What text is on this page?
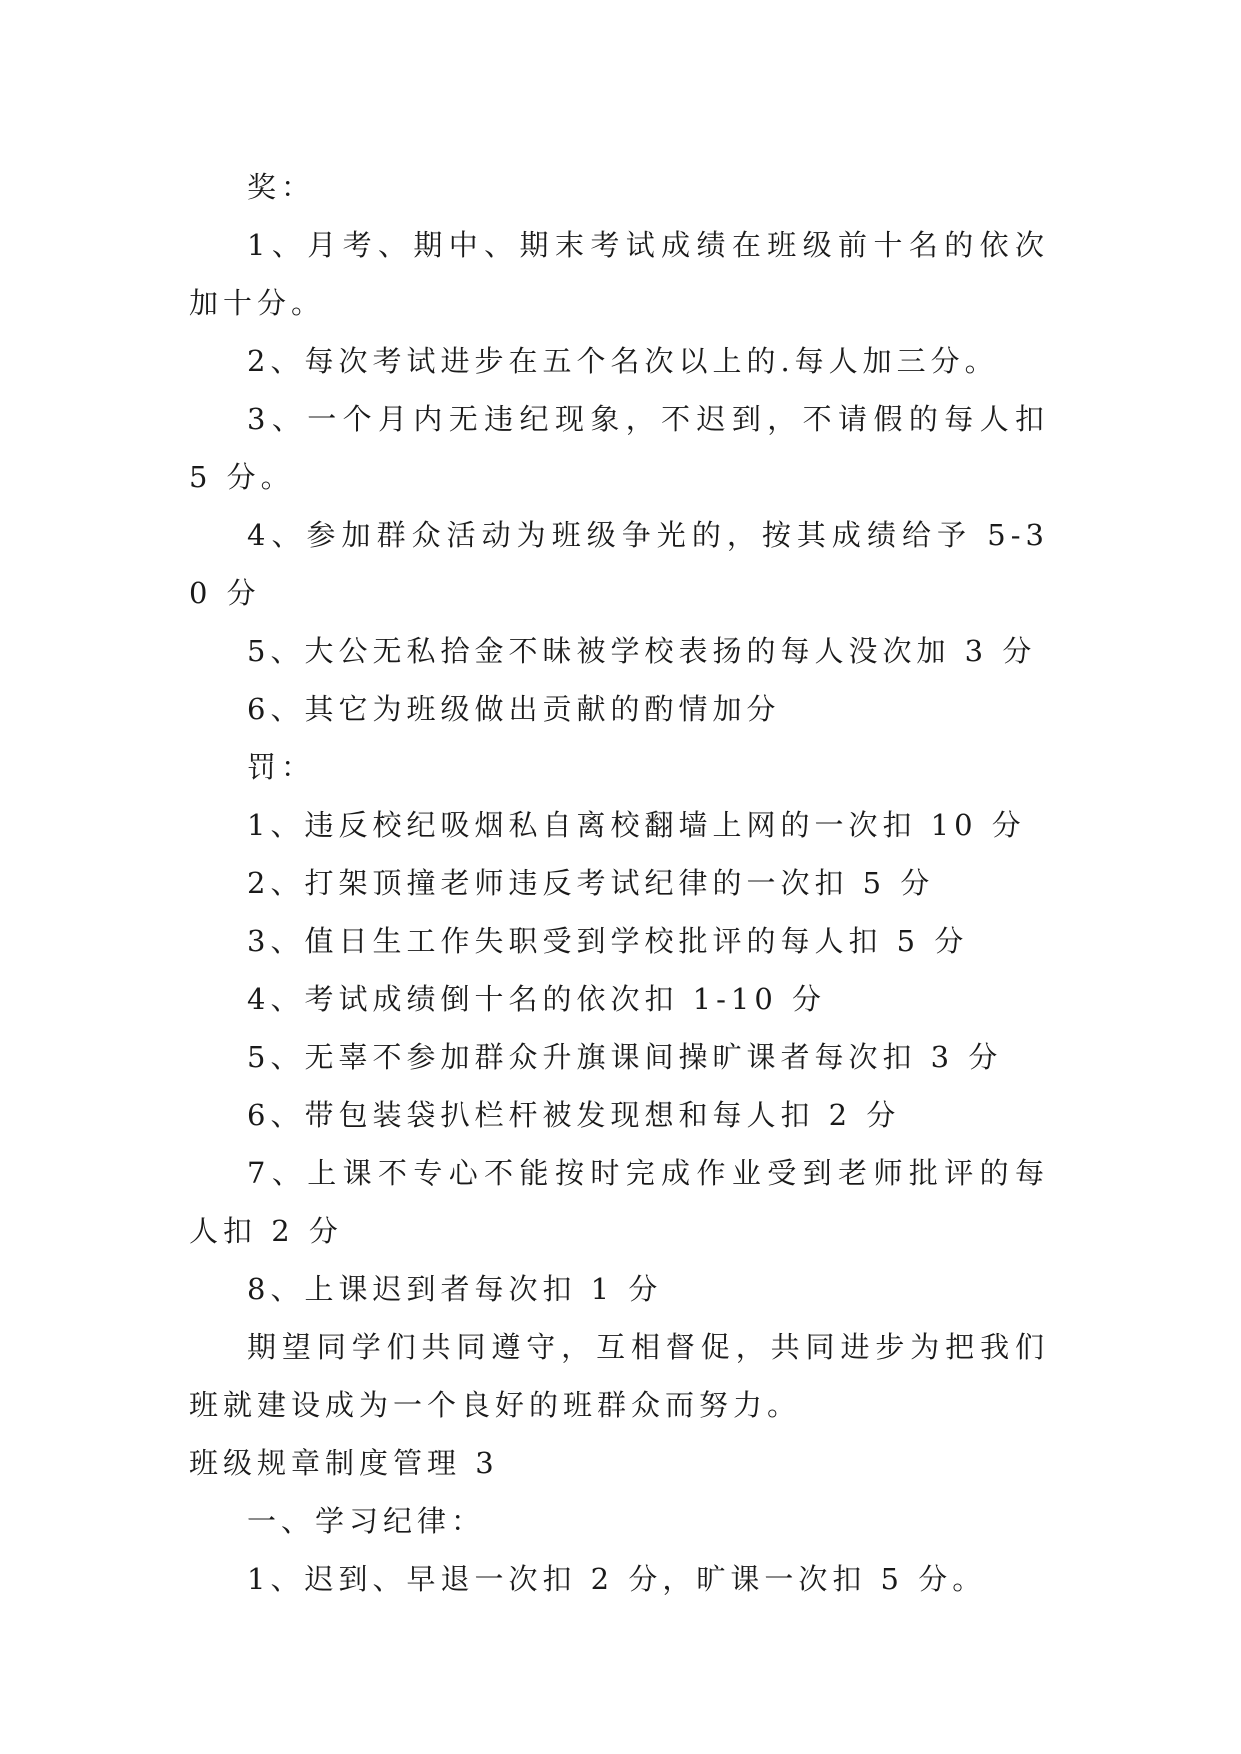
奖：

1、月考、期中、期末考试成绩在班级前十名的依次加十分。

2、每次考试进步在五个名次以上的.每人加三分。

3、一个月内无违纪现象，不迟到，不请假的每人扣 5 分。

4、参加群众活动为班级争光的，按其成绩给予 5-30 分

5、大公无私拾金不昧被学校表扬的每人没次加 3 分

6、其它为班级做出贡献的酌情加分

罚：

1、违反校纪吸烟私自离校翻墙上网的一次扣 10 分

2、打架顶撞老师违反考试纪律的一次扣 5 分

3、值日生工作失职受到学校批评的每人扣 5 分

4、考试成绩倒十名的依次扣 1-10 分

5、无辜不参加群众升旗课间操旷课者每次扣 3 分

6、带包装袋扒栏杆被发现想和每人扣 2 分

7、上课不专心不能按时完成作业受到老师批评的每人扣 2 分

8、上课迟到者每次扣 1 分

期望同学们共同遵守，互相督促，共同进步为把我们班就建设成为一个良好的班群众而努力。

班级规章制度管理 3

一、学习纪律：

1、迟到、早退一次扣 2 分，旷课一次扣 5 分。
